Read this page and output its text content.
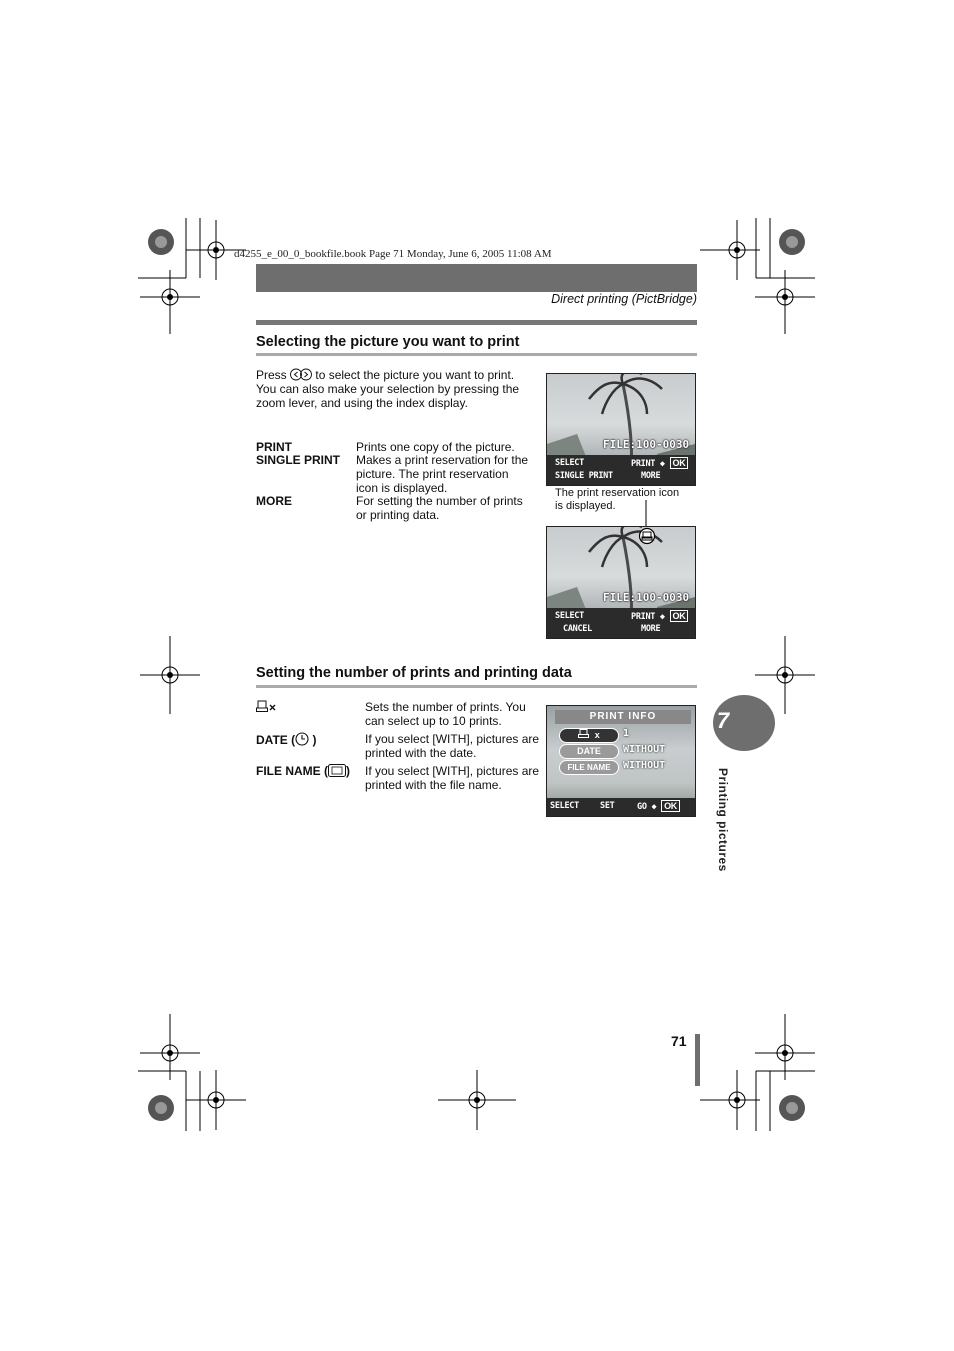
d4255_e_00_0_bookfile.book Page 71 Monday, June 6, 2005 11:08 AM
Direct printing (PictBridge)
Selecting the picture you want to print
Press  to select the picture you want to print. You can also make your selection by pressing the zoom lever, and using the index display.
PRINT	Prints one copy of the picture.
SINGLE PRINT Makes a print reservation for the picture. The print reservation icon is displayed.
MORE	For setting the number of prints or printing data.
FILE:100-0030
SELECT	PRINT ◆ OK
SINGLE PRINT	MORE
The print reservation icon is displayed.
FILE:100-0030
SELECT	PRINT ◆ OK
CANCEL	MORE
Setting the number of prints and printing data
Sets the number of prints. You can select up to 10 prints.
DATE ( )	If you select [WITH], pictures are printed with the date.
FILE NAME ( ) If you select [WITH], pictures are printed with the file name.
PRINT INFO
x	1
DATE	WITHOUT
FILE NAME	WITHOUT
SELECT SET	GO ◆ OK
7
Printing pictures
71
